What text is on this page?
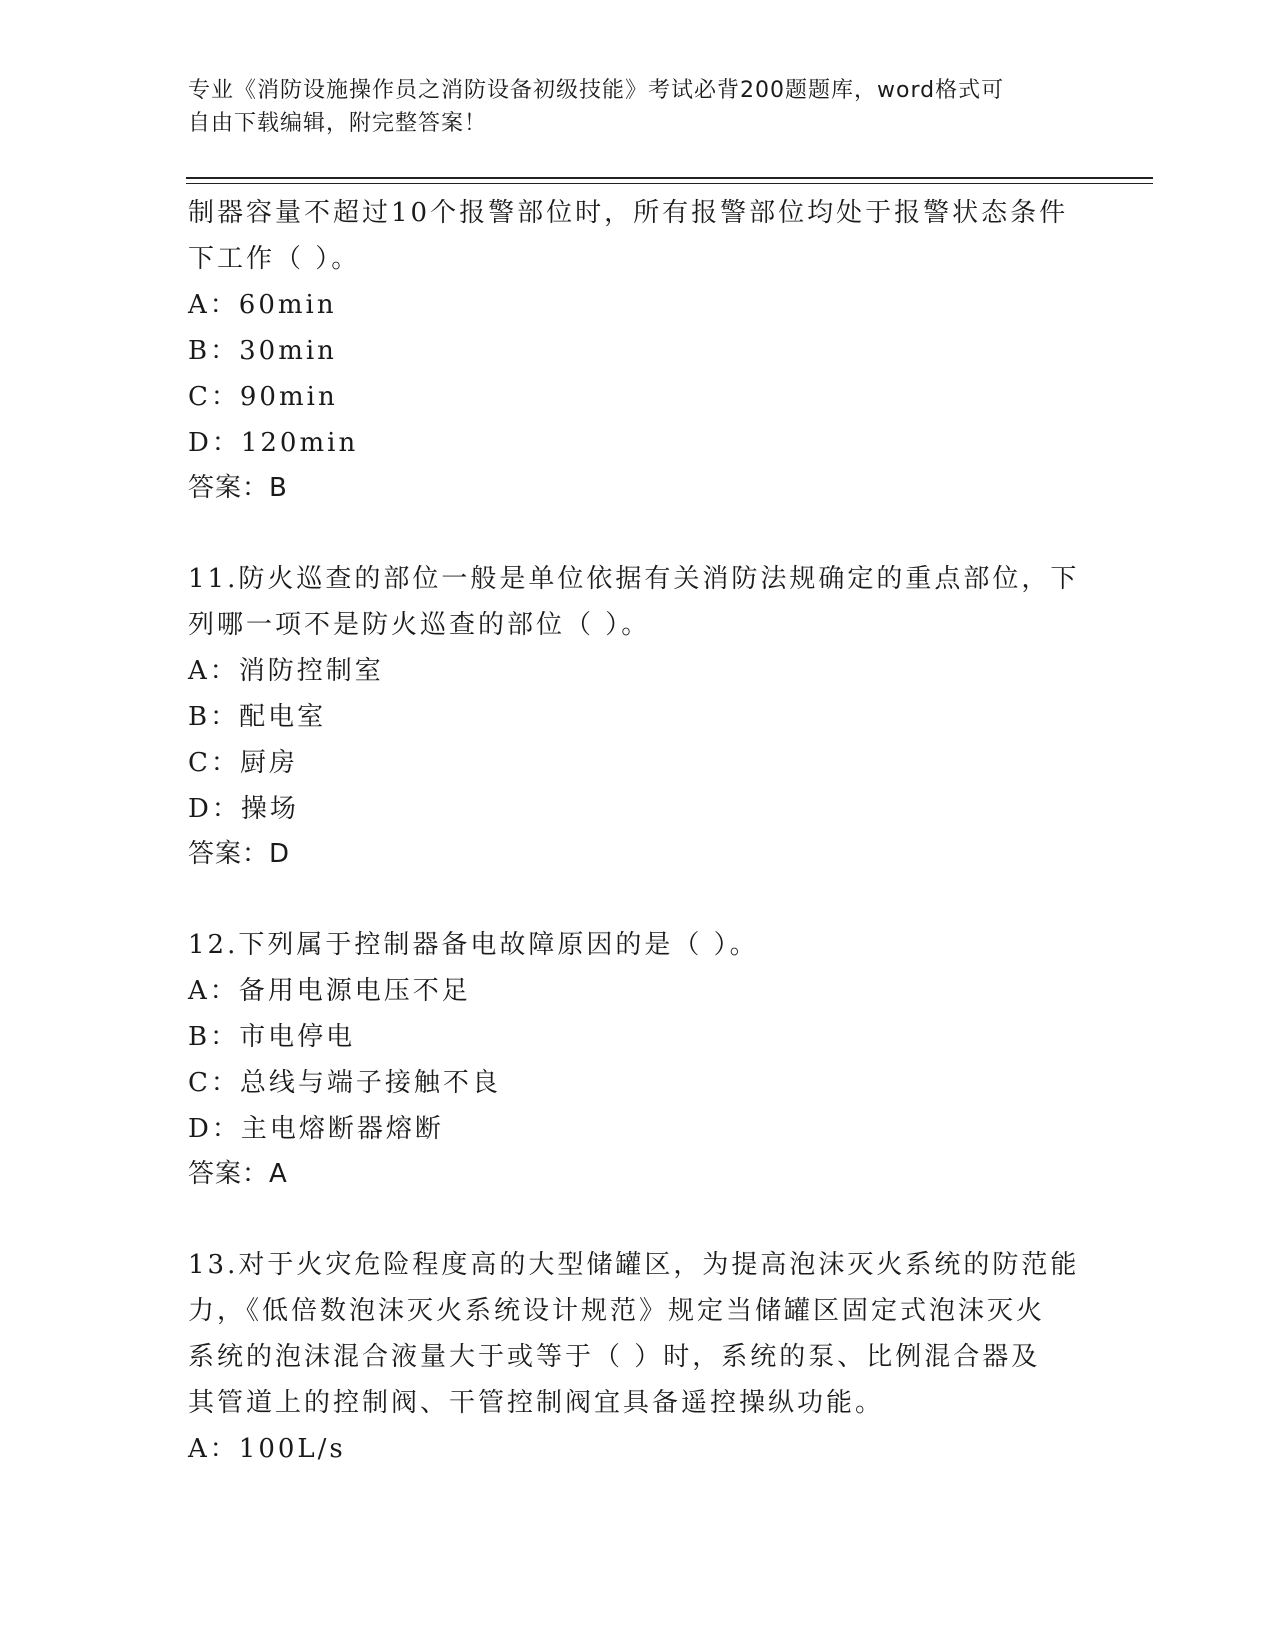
专业《消防设施操作员之消防设备初级技能》考试必背200题题库，word格式可
自由下载编辑，附完整答案！
制器容量不超过10个报警部位时，所有报警部位均处于报警状态条件
下工作（ ）。
A：60min
B：30min
C：90min
D：120min
答案：B
11.防火巡查的部位一般是单位依据有关消防法规确定的重点部位，下
列哪一项不是防火巡查的部位（ ）。
A：消防控制室
B：配电室
C：厨房
D：操场
答案：D
12.下列属于控制器备电故障原因的是（ ）。
A：备用电源电压不足
B：市电停电
C：总线与端子接触不良
D：主电熔断器熔断
答案：A
13.对于火灾危险程度高的大型储罐区，为提高泡沫灭火系统的防范能
力，《低倍数泡沫灭火系统设计规范》规定当储罐区固定式泡沫灭火
系统的泡沫混合液量大于或等于（ ）时，系统的泵、比例混合器及
其管道上的控制阀、干管控制阀宜具备遥控操纵功能。
A：100L/s
